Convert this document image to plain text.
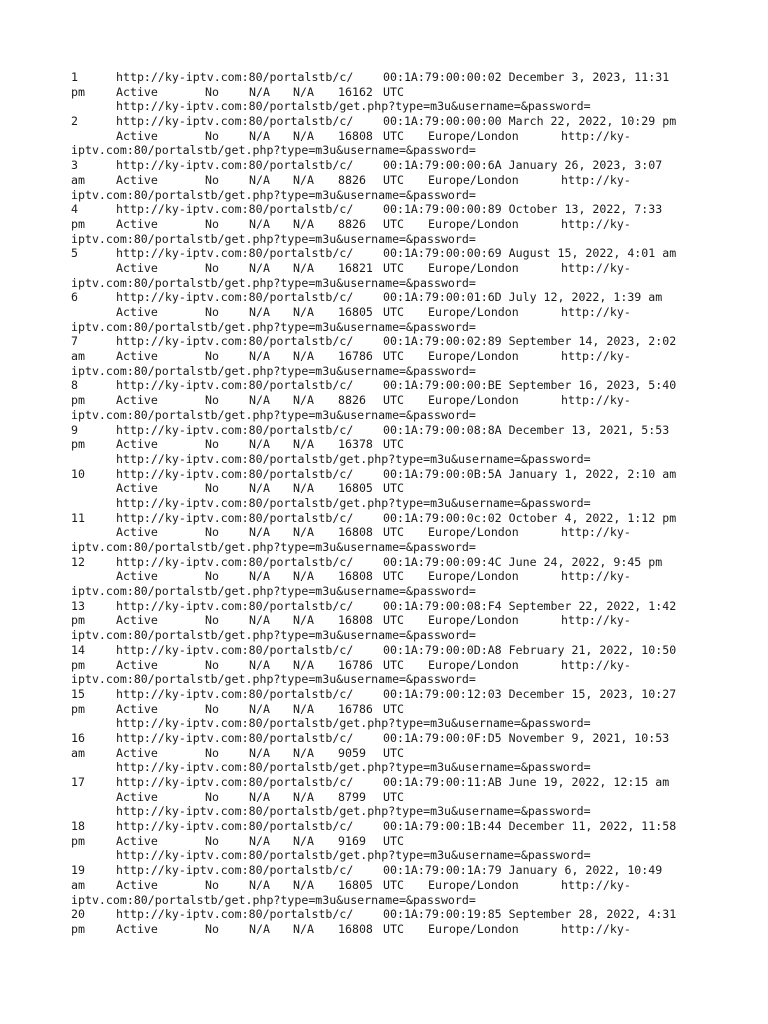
1	http://ky-iptv.com:80/portalstb/c/	00:1A:79:00:00:02 December 3, 2023, 11:31
pm	Active	No	N/A N/A 16162 UTC
http://ky-iptv.com:80/portalstb/get.php?type=m3u&username=&password=
2	http://ky-iptv.com:80/portalstb/c/	00:1A:79:00:00:00 March 22, 2022, 10:29 pm
Active	No	N/A N/A 16808 UTC Europe/London	http://ky-
iptv.com:80/portalstb/get.php?type=m3u&username=&password=
3	http://ky-iptv.com:80/portalstb/c/	00:1A:79:00:00:6A January 26, 2023, 3:07
am	Active	No	N/A N/A 8826 UTC Europe/London	http://ky-
iptv.com:80/portalstb/get.php?type=m3u&username=&password=
4	http://ky-iptv.com:80/portalstb/c/	00:1A:79:00:00:89 October 13, 2022, 7:33
pm	Active	No	N/A N/A 8826 UTC Europe/London	http://ky-
iptv.com:80/portalstb/get.php?type=m3u&username=&password=
5	http://ky-iptv.com:80/portalstb/c/	00:1A:79:00:00:69 August 15, 2022, 4:01 am
Active	No	N/A N/A 16821 UTC Europe/London	http://ky-
iptv.com:80/portalstb/get.php?type=m3u&username=&password=
6	http://ky-iptv.com:80/portalstb/c/	00:1A:79:00:01:6D July 12, 2022, 1:39 am
Active	No	N/A N/A 16805 UTC Europe/London	http://ky-
iptv.com:80/portalstb/get.php?type=m3u&username=&password=
7	http://ky-iptv.com:80/portalstb/c/	00:1A:79:00:02:89 September 14, 2023, 2:02
am	Active	No	N/A N/A 16786 UTC Europe/London	http://ky-
iptv.com:80/portalstb/get.php?type=m3u&username=&password=
8	http://ky-iptv.com:80/portalstb/c/	00:1A:79:00:00:BE September 16, 2023, 5:40
pm	Active	No	N/A N/A 8826 UTC Europe/London	http://ky-
iptv.com:80/portalstb/get.php?type=m3u&username=&password=
9	http://ky-iptv.com:80/portalstb/c/	00:1A:79:00:08:8A December 13, 2021, 5:53
pm	Active	No	N/A N/A 16378 UTC
http://ky-iptv.com:80/portalstb/get.php?type=m3u&username=&password=
10	http://ky-iptv.com:80/portalstb/c/	00:1A:79:00:0B:5A January 1, 2022, 2:10 am
Active	No	N/A N/A 16805 UTC
http://ky-iptv.com:80/portalstb/get.php?type=m3u&username=&password=
11	http://ky-iptv.com:80/portalstb/c/	00:1A:79:00:0c:02 October 4, 2022, 1:12 pm
Active	No	N/A N/A 16808 UTC Europe/London	http://ky-
iptv.com:80/portalstb/get.php?type=m3u&username=&password=
12	http://ky-iptv.com:80/portalstb/c/	00:1A:79:00:09:4C June 24, 2022, 9:45 pm
Active	No	N/A N/A 16808 UTC Europe/London	http://ky-
iptv.com:80/portalstb/get.php?type=m3u&username=&password=
13	http://ky-iptv.com:80/portalstb/c/	00:1A:79:00:08:F4 September 22, 2022, 1:42
pm	Active	No	N/A N/A 16808 UTC Europe/London	http://ky-
iptv.com:80/portalstb/get.php?type=m3u&username=&password=
14	http://ky-iptv.com:80/portalstb/c/	00:1A:79:00:0D:A8 February 21, 2022, 10:50
pm	Active	No	N/A N/A 16786 UTC Europe/London	http://ky-
iptv.com:80/portalstb/get.php?type=m3u&username=&password=
15	http://ky-iptv.com:80/portalstb/c/	00:1A:79:00:12:03 December 15, 2023, 10:27
pm	Active	No	N/A N/A 16786 UTC
http://ky-iptv.com:80/portalstb/get.php?type=m3u&username=&password=
16	http://ky-iptv.com:80/portalstb/c/	00:1A:79:00:0F:D5 November 9, 2021, 10:53
am	Active	No	N/A N/A 9059 UTC
http://ky-iptv.com:80/portalstb/get.php?type=m3u&username=&password=
17	http://ky-iptv.com:80/portalstb/c/	00:1A:79:00:11:AB June 19, 2022, 12:15 am
Active	No	N/A N/A 8799 UTC
http://ky-iptv.com:80/portalstb/get.php?type=m3u&username=&password=
18	http://ky-iptv.com:80/portalstb/c/	00:1A:79:00:1B:44 December 11, 2022, 11:58
pm	Active	No	N/A N/A 9169 UTC
http://ky-iptv.com:80/portalstb/get.php?type=m3u&username=&password=
19	http://ky-iptv.com:80/portalstb/c/	00:1A:79:00:1A:79 January 6, 2022, 10:49
am	Active	No	N/A N/A 16805 UTC Europe/London	http://ky-
iptv.com:80/portalstb/get.php?type=m3u&username=&password=
20	http://ky-iptv.com:80/portalstb/c/	00:1A:79:00:19:85 September 28, 2022, 4:31
pm	Active	No	N/A N/A 16808 UTC Europe/London	http://ky-
